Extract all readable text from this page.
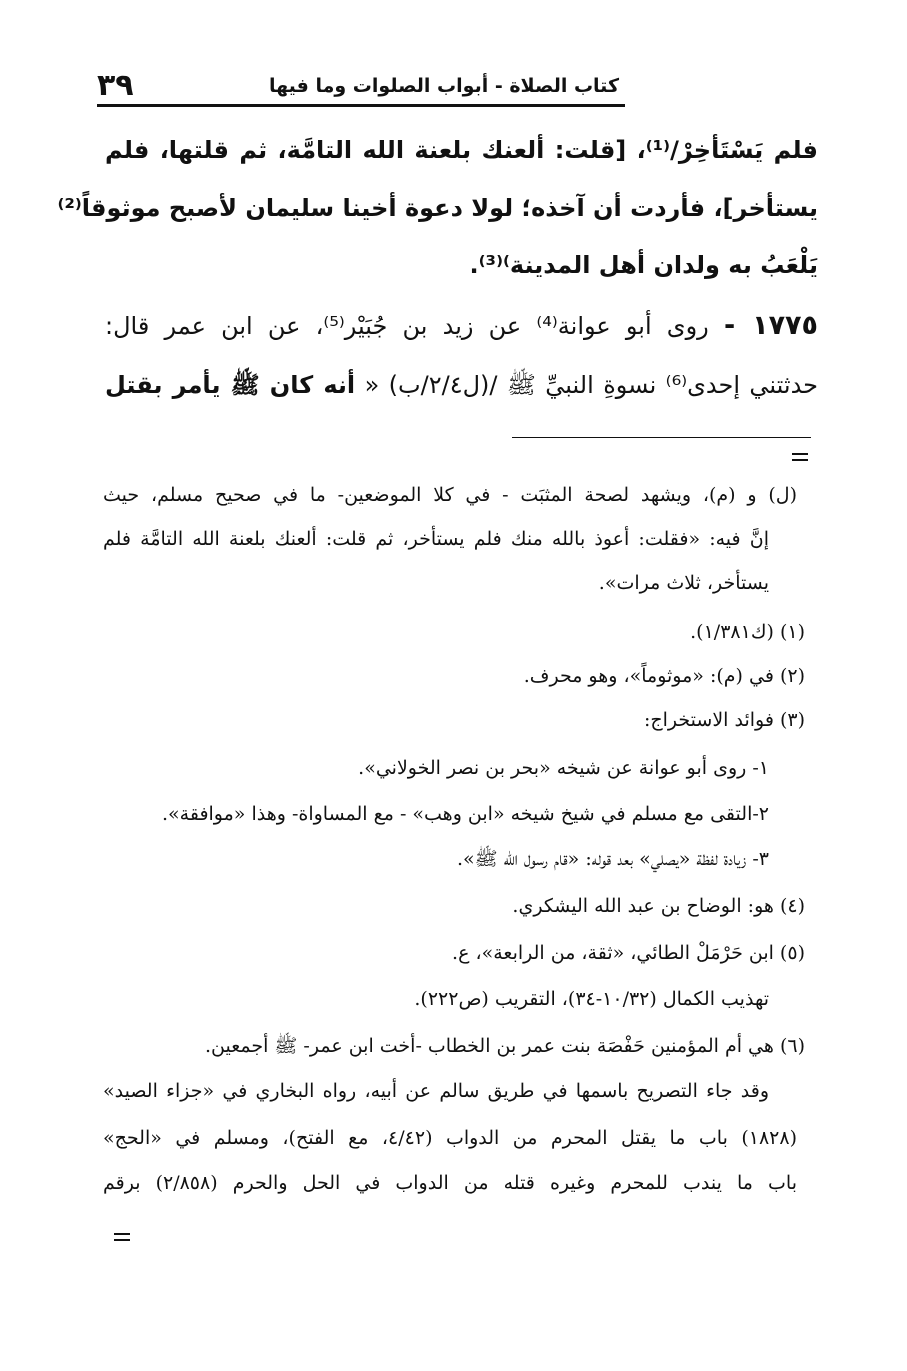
٣٩	كتاب الصلاة - أبواب الصلوات وما فيها
فلم يَسْتَأخِرْ/⁽¹⁾، [قلت: ألعنك بلعنة الله التامَّة، ثم قلتها، فلم
يستأخر]، فأردت أن آخذه؛ لولا دعوة أخينا سليمان لأصبح موثوقاً⁽²⁾
يَلْعَبُ به ولدان أهل المدينة⁾⁽³⁾.
١٧٧٥ - روى أبو عوانة⁽⁴⁾ عن زيد بن جُبَيْر⁽⁵⁾، عن ابن عمر قال:
حدثتني إحدى⁽⁶⁾ نسوةِ النبيِّ ﷺ /(ل٢/٤/ب) « أنه كان ﷺ يأمر بقتل
(ل) و (م)، ويشهد لصحة المثبَت - في كلا الموضعين- ما في صحيح مسلم، حيث
إنَّ فيه: «فقلت: أعوذ بالله منك فلم يستأخر، ثم قلت: ألعنك بلعنة الله التامَّة فلم
يستأخر، ثلاث مرات».
(١) (ك١/٣٨١).
(٢) في (م): «موثوماً»، وهو محرف.
(٣) فوائد الاستخراج:
١- روى أبو عوانة عن شيخه «بحر بن نصر الخولاني».
٢-التقى مع مسلم في شيخ شيخه «ابن وهب» - مع المساواة- وهذا «موافقة».
٣- زيادة لفظة «يصلي» بعد قوله: «قام رسول الله ﷺ».
(٤) هو: الوضاح بن عبد الله اليشكري.
(٥) ابن حَرْمَلْ الطائي، «ثقة، من الرابعة»، ع.
تهذيب الكمال (١٠/٣٢-٣٤)، التقريب (ص٢٢٢).
(٦) هي أم المؤمنين حَفْصَة بنت عمر بن الخطاب -أخت ابن عمر- ﷺ أجمعين.
وقد جاء التصريح باسمها في طريق سالم عن أبيه، رواه البخاري في «جزاء الصيد»
(١٨٢٨) باب ما يقتل المحرم من الدواب (٤/٤٢، مع الفتح)، ومسلم في «الحج»
باب ما يندب للمحرم وغيره قتله من الدواب في الحل والحرم (٢/٨٥٨) برقم
